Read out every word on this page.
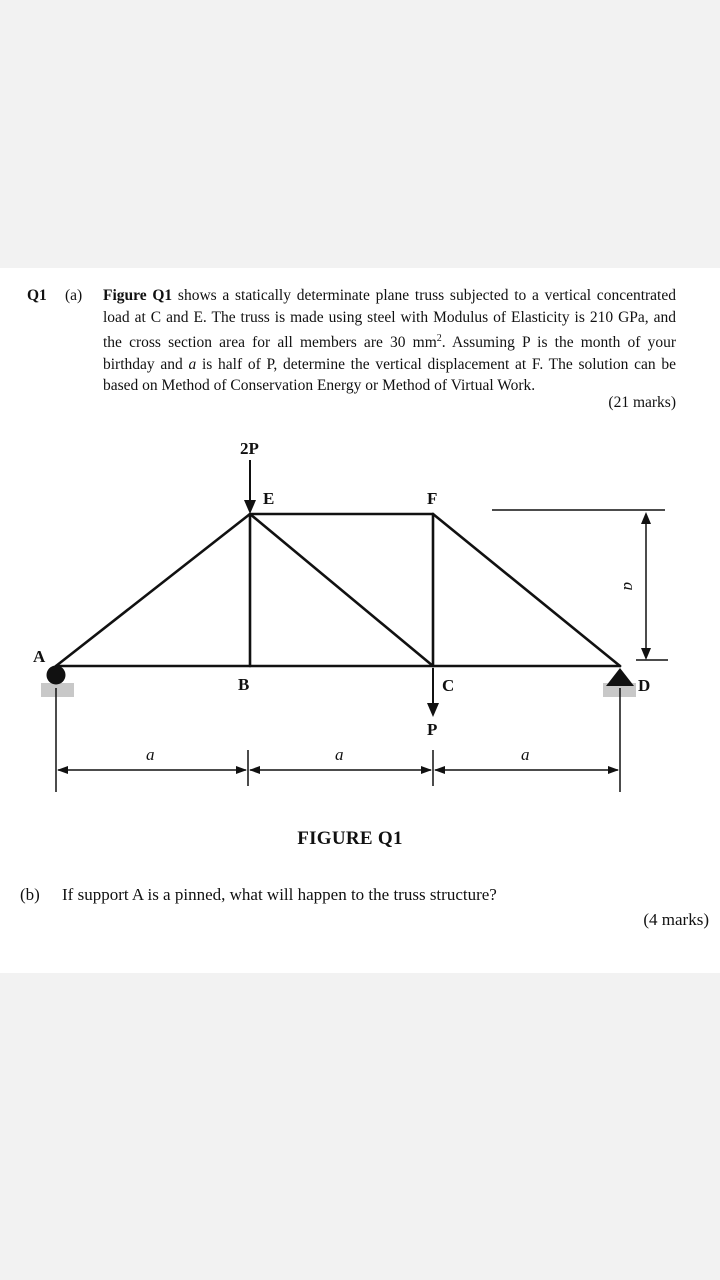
Q1 (a) Figure Q1 shows a statically determinate plane truss subjected to a vertical concentrated load at C and E. The truss is made using steel with Modulus of Elasticity is 210 GPa, and the cross section area for all members are 30 $mm^2$. Assuming P is the month of your birthday and a is half of P, determine the vertical displacement at F. The solution can be based on Method of Conservation Energy or Method of Virtual Work.

(21 marks)
A
B	C	D
E	F
2P
P
a	a	a
a
FIGURE Q1
(b) If support A is a pinned, what will happen to the truss structure?
(4 marks)
